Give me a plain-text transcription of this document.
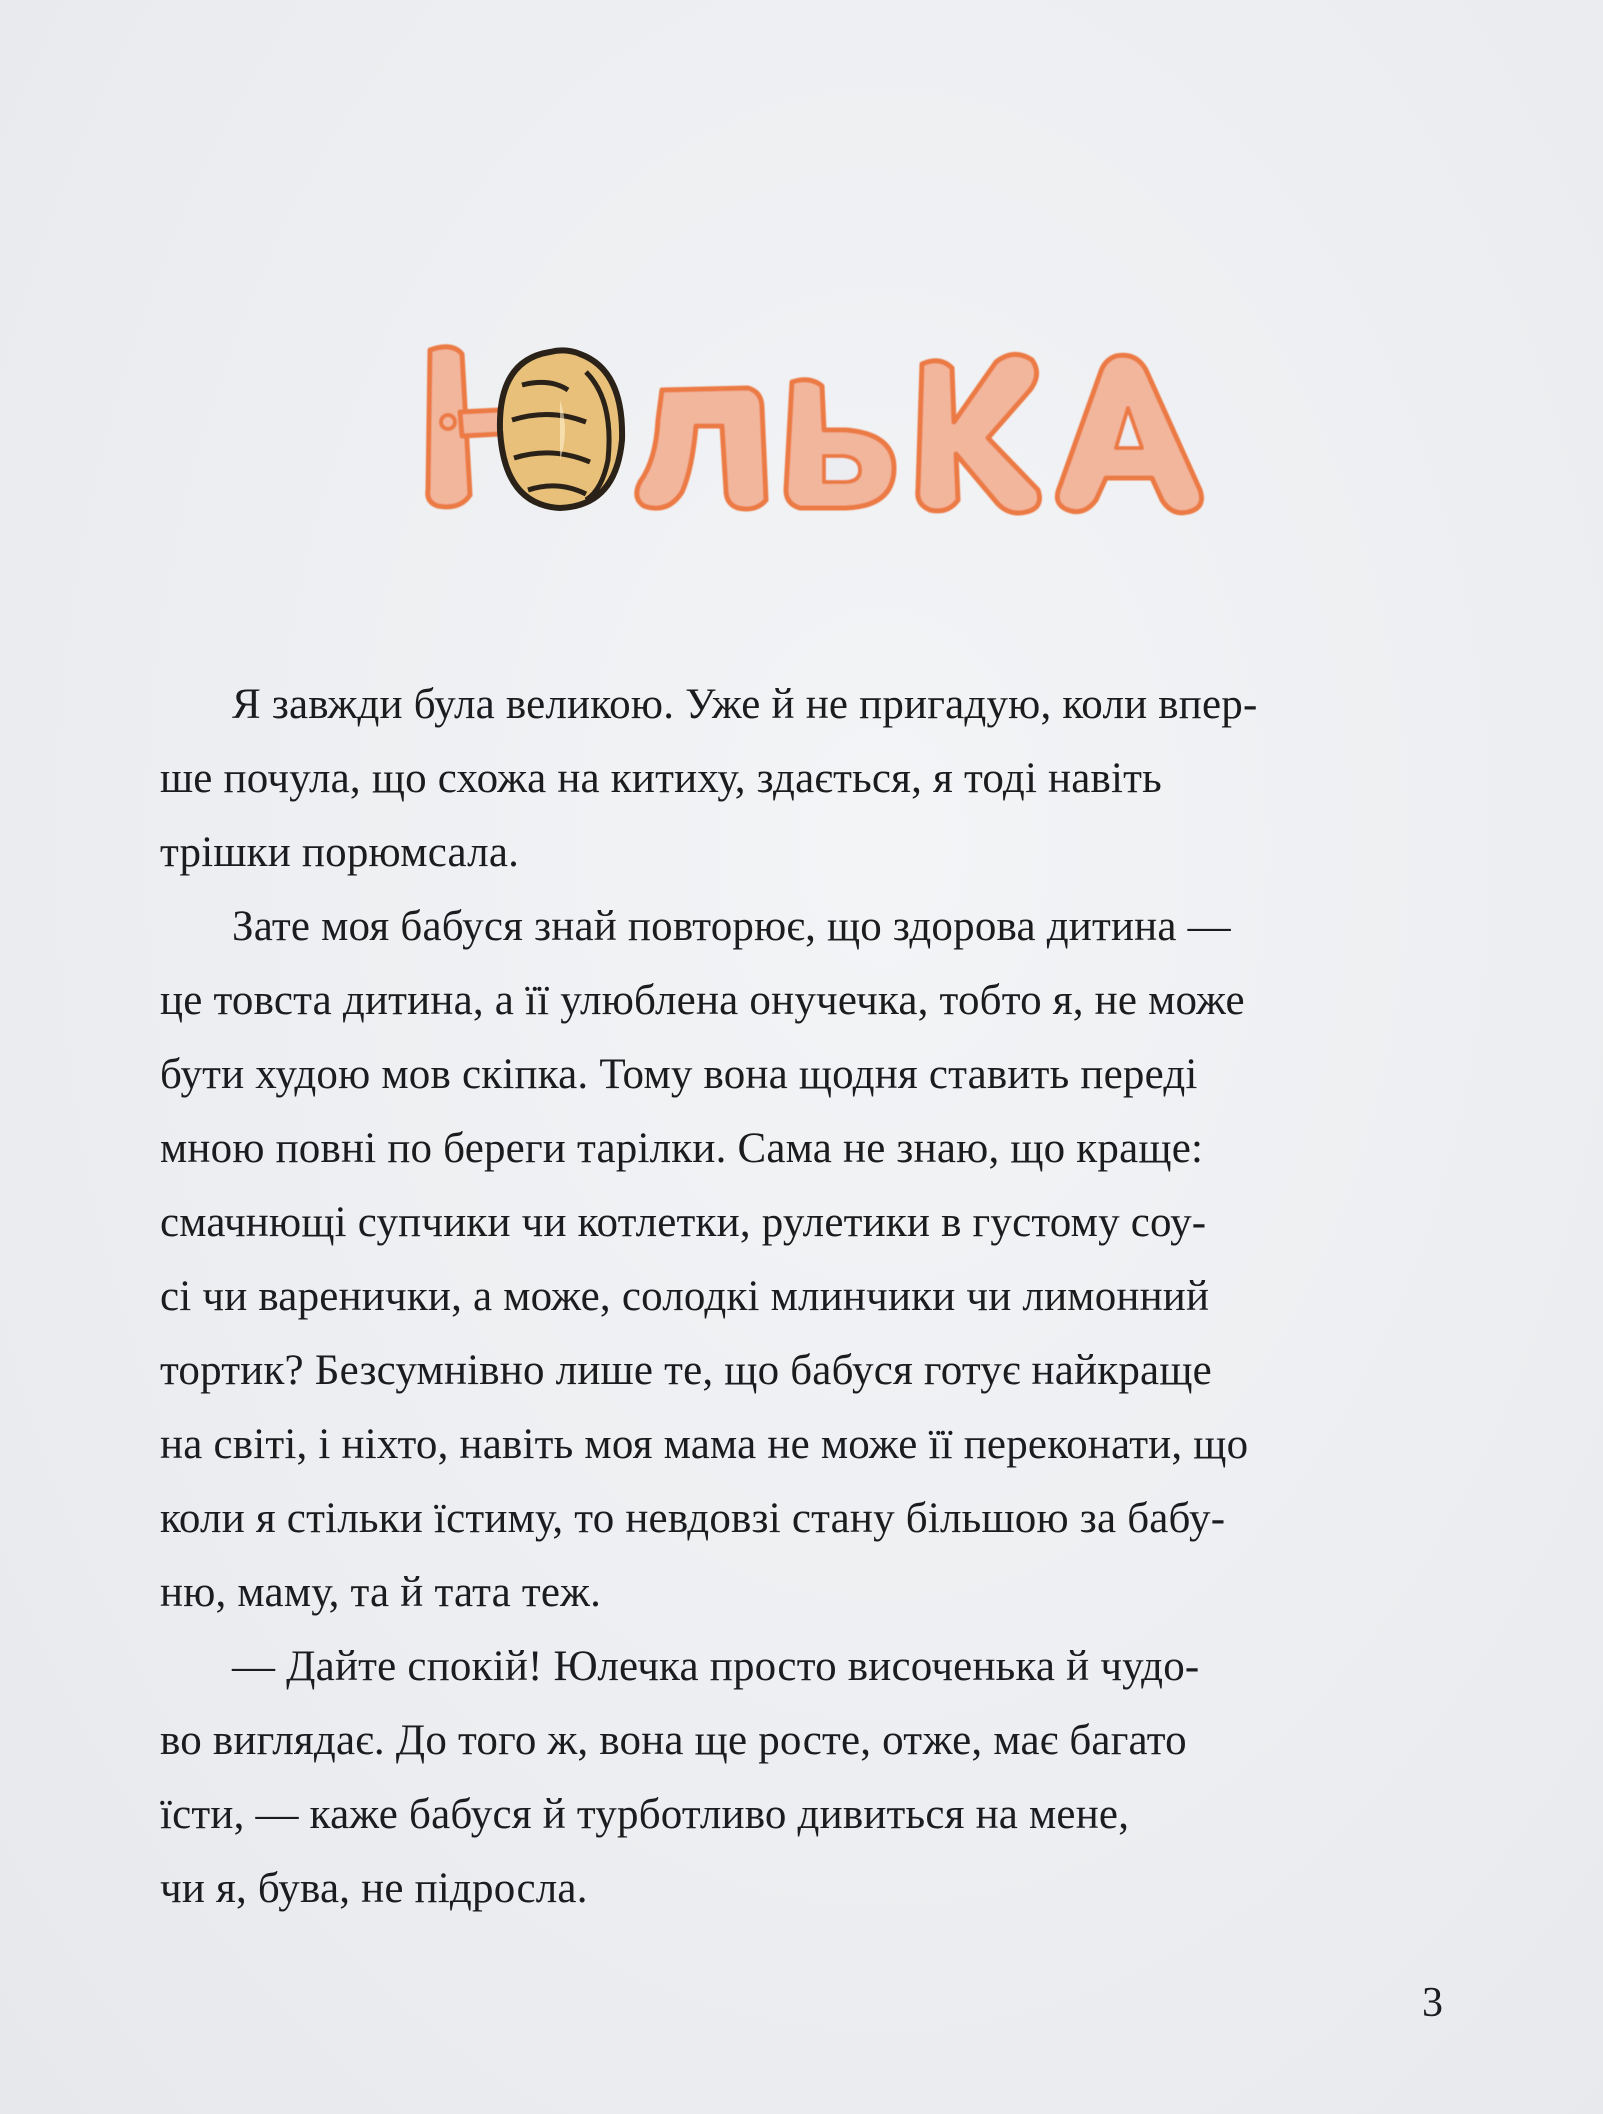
Я завжди була великою. Уже й не пригадую, коли впер-
ше почула, що схожа на китиху, здається, я тоді навіть
трішки порюмсала.
Зате моя бабуся знай повторює, що здорова дитина —
це товста дитина, а її улюблена онучечка, тобто я, не може
бути худою мов скіпка. Тому вона щодня ставить переді
мною повні по береги тарілки. Сама не знаю, що краще:
смачнющі супчики чи котлетки, рулетики в густому соу-
сі чи варенички, а може, солодкі млинчики чи лимонний
тортик? Безсумнівно лише те, що бабуся готує найкраще
на світі, і ніхто, навіть моя мама не може її переконати, що
коли я стільки їстиму, то невдовзі стану більшою за бабу-
ню, маму, та й тата теж.
— Дайте спокій! Юлечка просто височенька й чудо-
во виглядає. До того ж, вона ще росте, отже, має багато
їсти, — каже бабуся й турботливо дивиться на мене,
чи я, бува, не підросла.
3
